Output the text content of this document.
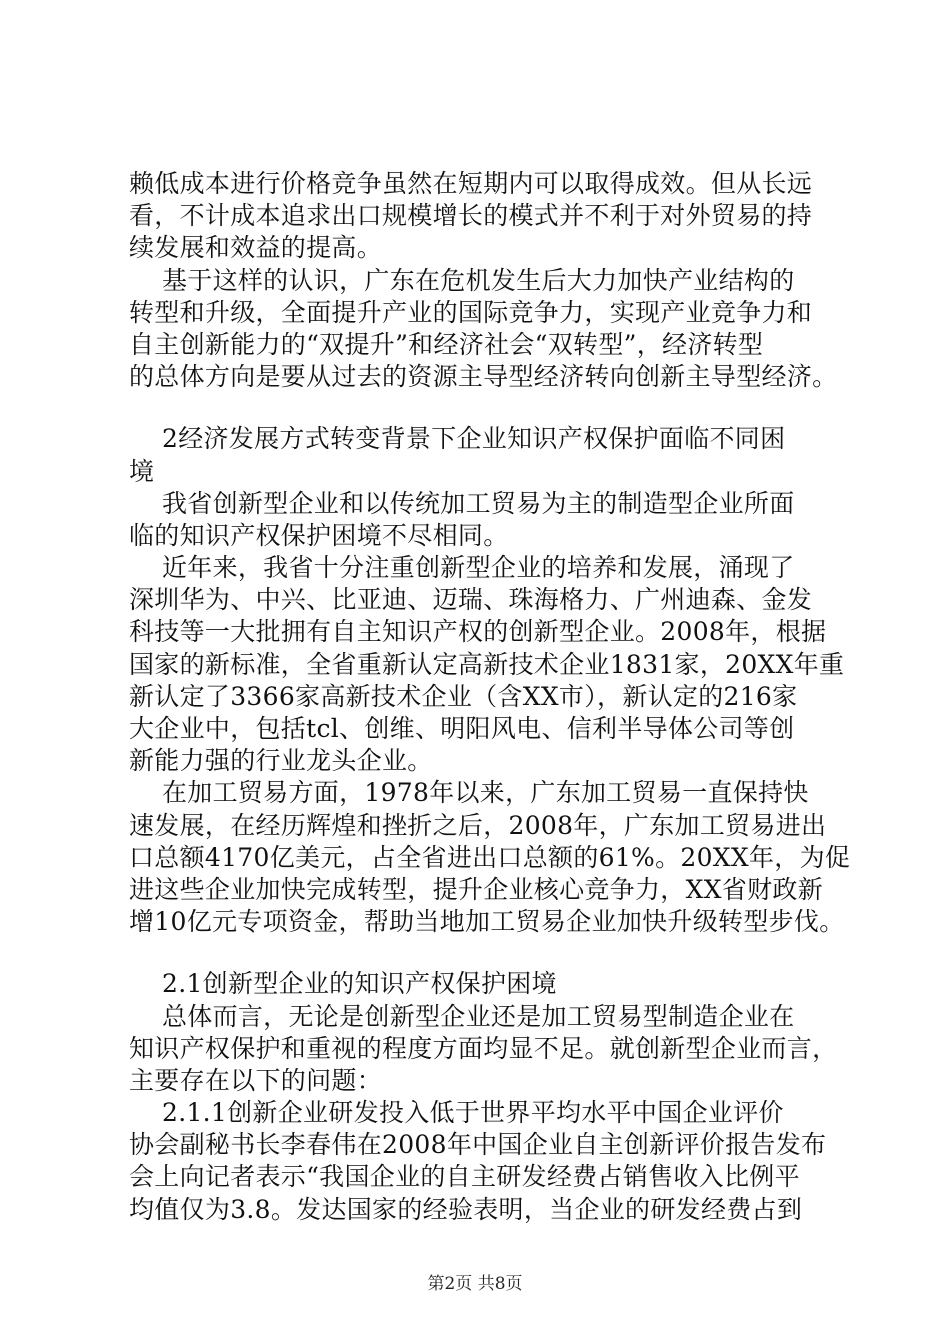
赖低成本进行价格竞争虽然在短期内可以取得成效。但从长远
看，不计成本追求出口规模增长的模式并不利于对外贸易的持
续发展和效益的提高。
基于这样的认识，广东在危机发生后大力加快产业结构的
转型和升级，全面提升产业的国际竞争力，实现产业竞争力和
自主创新能力的“双提升”和经济社会“双转型”，经济转型
的总体方向是要从过去的资源主导型经济转向创新主导型经济。
2经济发展方式转变背景下企业知识产权保护面临不同困
境
我省创新型企业和以传统加工贸易为主的制造型企业所面
临的知识产权保护困境不尽相同。
近年来，我省十分注重创新型企业的培养和发展，涌现了
深圳华为、中兴、比亚迪、迈瑞、珠海格力、广州迪森、金发
科技等一大批拥有自主知识产权的创新型企业。2008年，根据
国家的新标准，全省重新认定高新技术企业1831家，20XX年重
新认定了3366家高新技术企业（含XX市），新认定的216家
大企业中，包括tcl、创维、明阳风电、信利半导体公司等创
新能力强的行业龙头企业。
在加工贸易方面，1978年以来，广东加工贸易一直保持快
速发展，在经历辉煌和挫折之后，2008年，广东加工贸易进出
口总额4170亿美元，占全省进出口总额的61%。20XX年，为促
进这些企业加快完成转型，提升企业核心竞争力，XX省财政新
增10亿元专项资金，帮助当地加工贸易企业加快升级转型步伐。
2.1创新型企业的知识产权保护困境
总体而言，无论是创新型企业还是加工贸易型制造企业在
知识产权保护和重视的程度方面均显不足。就创新型企业而言，
主要存在以下的问题：
2.1.1创新企业研发投入低于世界平均水平中国企业评价
协会副秘书长李春伟在2008年中国企业自主创新评价报告发布
会上向记者表示“我国企业的自主研发经费占销售收入比例平
均值仅为3.8。发达国家的经验表明，当企业的研发经费占到
第2页 共8页
